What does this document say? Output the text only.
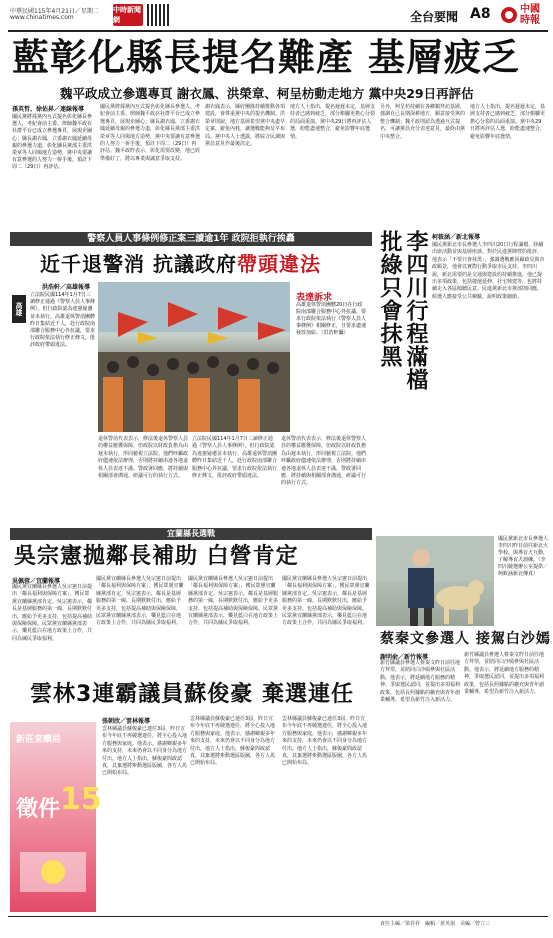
中華民國115年4月21日／星期二
www.chinatimes.com
中時新聞網	全台要聞 A8	中國時報
藍彰化縣長提名難產 基層疲乏
魏平政成立參選專頁 謝衣鳳、洪榮章、柯呈枋動走地方 黨中央29日再評估
孫英哲、徐佑昇／連線報導
國民黨將採黨內互式提名彰化縣長參選人，考紀會前主委、律師魏平政在社群平台已成立參選專頁，展現企圖心；縣長謝衣鳳、立委謝衣鳳延續母親的參選力道，彰化縣長黨部主委洪榮章等人同場地方造勢，黨中央要讓有意參選的人努力一拚手後，預計下周二（29日）再評估。
國民黨將採黨內互式提名彰化縣長參選人，考紀會前主委、律師魏平政在社群平台已成立參選專頁，展現企圖心；縣長謝衣鳳、立委謝衣鳳延續母親的參選力道，彰化縣長黨部主委洪榮章等人同場地方造勢，黨中央要讓有意參選的人努力一拚手後，預計下周二（29日）再評估。魏平政昨表示，彰化需要改變，他已經準備好了，將以專業與誠意爭取支持。
謝衣鳳表示，縣府團隊持續推動各項建設，會尊重黨中央的提名機制。洪榮章則說，地方基層希望黨中央盡早定案，避免內耗，讓選戰能夠及早布局。黨中央人士透露，將綜合民調與黨員意見作最後決定。
地方人士指出，提名遲遲未定，基層支持者已感到疲乏，部分樁腳更擔心分裂的局面重演。黨中央29日將再評估人選，盼能盡速整合，避免影響年底選情。
另外，柯呈枋持續在各鄉鎮拜訪基層，強調自己長期深耕地方，願意接受黨的整合機制；魏平政則認為透過互式提名，可讓黨員充分表達意見，最終由黨中央整合。
地方人士指出，提名遲遲未定，基層支持者已感到疲乏，部分樁腳更擔心分裂的局面重演。黨中央29日將再評估人選，盼能盡速整合，避免影響年底選情。
警察人員人事條例修正案三讀逾1年 政院拒執行挨轟
近千退警消 抗議政府帶頭違法
高雄
洪浩軒／高雄報導
立法院民國114年1月7日三讀修正通過《警察人員人事條例》，但行政院認為違憲疑慮並未執行。高雄退休警消團體昨日集結近千人，赴行政院南部聯合服務中心外抗議，要求行政院依法執行修正條文，批評政府帶頭違法。
表達訴求
高雄退休警消團體20日在行政院南部聯合服務中心外抗議，要求行政院依法執行《警察人員人事條例》相關修正，且要求盡速發放加給。（洪浩軒攝）
退休警消代表表示，修法後退休警察人員的權益應獲保障，但政院以財政負擔為由遲未執行，形同藐視立法院。他們呼籲政府儘速依法辦理，否則將持續串連各地退休人員表達不滿。警政署回應，將持續與相關部會溝通，研議可行的執行方式。
立法院民國114年1月7日三讀修正通過《警察人員人事條例》，但行政院認為違憲疑慮並未執行。高雄退休警消團體昨日集結近千人，赴行政院南部聯合服務中心外抗議，要求行政院依法執行修正條文，批評政府帶頭違法。
退休警消代表表示，修法後退休警察人員的權益應獲保障，但政院以財政負擔為由遲未執行，形同藐視立法院。他們呼籲政府儘速依法辦理，否則將持續串連各地退休人員表達不滿。警政署回應，將持續與相關部會溝通，研議可行的執行方式。
宜蘭縣長選戰
吳宗憲拋鄰長補助 白營肯定
吳佩蓉／宜蘭報導
國民黨宜蘭縣長參選人吳宗憲日前提出「鄰長福利與保障方案」，獲民眾黨宜蘭縣黨部肯定。吳宗憲表示，鄰長是基層服務的第一線，長期默默付出，應給予更多支持，包括提高補助與保險保障。民眾黨宜蘭縣黨部表示，樂見藍白在地方政策上合作，共同為縣民爭取福利。
國民黨宜蘭縣長參選人吳宗憲日前提出「鄰長福利與保障方案」，獲民眾黨宜蘭縣黨部肯定。吳宗憲表示，鄰長是基層服務的第一線，長期默默付出，應給予更多支持，包括提高補助與保險保障。民眾黨宜蘭縣黨部表示，樂見藍白在地方政策上合作，共同為縣民爭取福利。
國民黨宜蘭縣長參選人吳宗憲日前提出「鄰長福利與保障方案」，獲民眾黨宜蘭縣黨部肯定。吳宗憲表示，鄰長是基層服務的第一線，長期默默付出，應給予更多支持，包括提高補助與保險保障。民眾黨宜蘭縣黨部表示，樂見藍白在地方政策上合作，共同為縣民爭取福利。
國民黨宜蘭縣長參選人吳宗憲日前提出「鄰長福利與保障方案」，獲民眾黨宜蘭縣黨部肯定。吳宗憲表示，鄰長是基層服務的第一線，長期默默付出，應給予更多支持，包括提高補助與保險保障。民眾黨宜蘭縣黨部表示，樂見藍白在地方政策上合作，共同為縣民爭取福利。
雲林3連霸議員蘇俊豪 棄選連任
新莊家藥局
徵件 15
張朝欣／雲林報導
雲林縣議員蘇俊豪已連任3屆，昨日宣布今年底不再競選連任，將全心投入地方服務與家庭。他表示，感謝鄉親多年來的支持，未來仍會以不同身分為地方付出。地方人士指出，蘇俊豪問政認真，其棄選將牽動選區版圖，各方人馬已開始布局。
雲林縣議員蘇俊豪已連任3屆，昨日宣布今年底不再競選連任，將全心投入地方服務與家庭。他表示，感謝鄉親多年來的支持，未來仍會以不同身分為地方付出。地方人士指出，蘇俊豪問政認真，其棄選將牽動選區版圖，各方人馬已開始布局。
雲林縣議員蘇俊豪已連任3屆，昨日宣布今年底不再競選連任，將全心投入地方服務與家庭。他表示，感謝鄉親多年來的支持，未來仍會以不同身分為地方付出。地方人士指出，蘇俊豪問政認真，其棄選將牽動選區版圖，各方人馬已開始布局。
李四川行程滿檔
批綠只會抹黑	柯筱涵／新北報導
國民黨新北市長參選人李四川20日行程滿檔，陸續出席活動並與基層座談。對於民進黨陣營的批評，他表示「不要只會抹黑」，強調選戰應回歸政見與市政願景，他會以實際行動爭取市民支持。李四川說，新北需要的是交通與建設的持續推進，他已提出多項政策，包括捷運延伸、社宅興建等，也將持續走入各區傾聽民意。民進黨新北市黨部則回應，候選人應接受公共檢驗，說明政策細節。
國民黨新北市長參選人李四川昨日前往新北大學校，與導盲犬互動，了解導盲犬訓練。（李四川競選辦公室提供／柯筱涵新北傳真）
蔡秦文參選人 接駕白沙嫣
謝明俞／新竹報導
新竹縣議員參選人蔡秦文昨日前往地方拜票，並陪同白沙嫣參與社區活動。他表示，將延續地方服務的精神，爭取選民認同，並提出多項福利政策，包括長照據點的擴充與青年創業輔導，希望為新竹注入新活力。
新竹縣議員參選人蔡秦文昨日前往地方拜票，並陪同白沙嫣參與社區活動。他表示，將延續地方服務的精神，爭取選民認同，並提出多項福利政策，包括長照據點的擴充與青年創業輔導，希望為新竹注入新活力。
責任主編／梁祥祥　編輯／黃英揚　美編／曾立三
